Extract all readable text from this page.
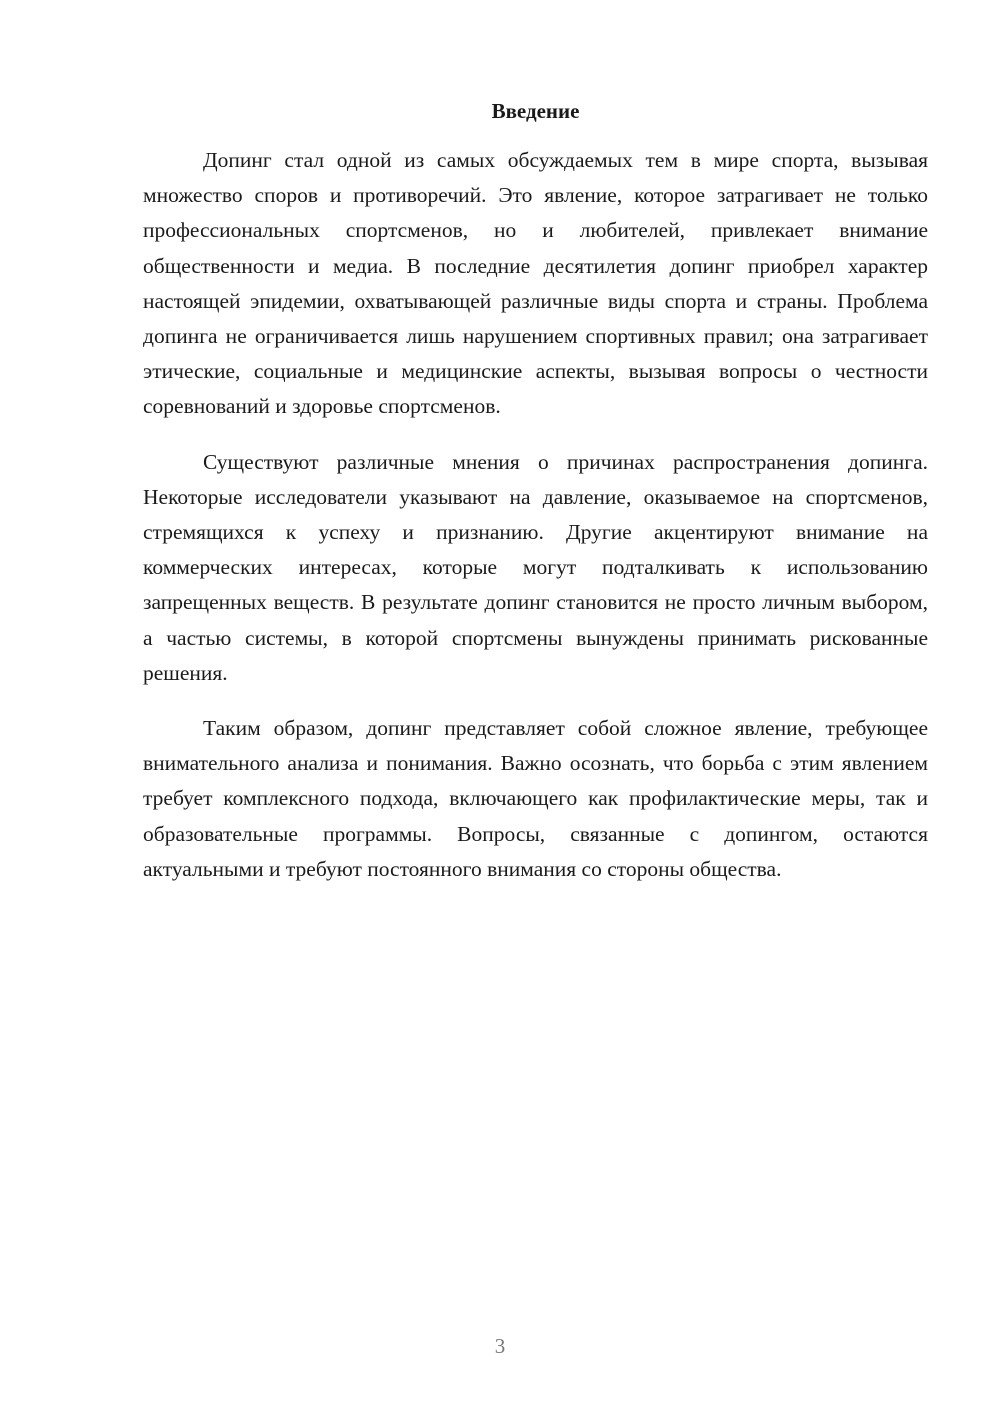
Введение

Допинг стал одной из самых обсуждаемых тем в мире спорта, вызывая множество споров и противоречий. Это явление, которое затрагивает не только профессиональных спортсменов, но и любителей, привлекает внимание общественности и медиа. В последние десятилетия допинг приобрел характер настоящей эпидемии, охватывающей различные виды спорта и страны. Проблема допинга не ограничивается лишь нарушением спортивных правил; она затрагивает этические, социальные и медицинские аспекты, вызывая вопросы о честности соревнований и здоровье спортсменов.

Существуют различные мнения о причинах распространения допинга. Некоторые исследователи указывают на давление, оказываемое на спортсменов, стремящихся к успеху и признанию. Другие акцентируют внимание на коммерческих интересах, которые могут подталкивать к использованию запрещенных веществ. В результате допинг становится не просто личным выбором, а частью системы, в которой спортсмены вынуждены принимать рискованные решения.

Таким образом, допинг представляет собой сложное явление, требующее внимательного анализа и понимания. Важно осознать, что борьба с этим явлением требует комплексного подхода, включающего как профилактические меры, так и образовательные программы. Вопросы, связанные с допингом, остаются актуальными и требуют постоянного внимания со стороны общества.

3
